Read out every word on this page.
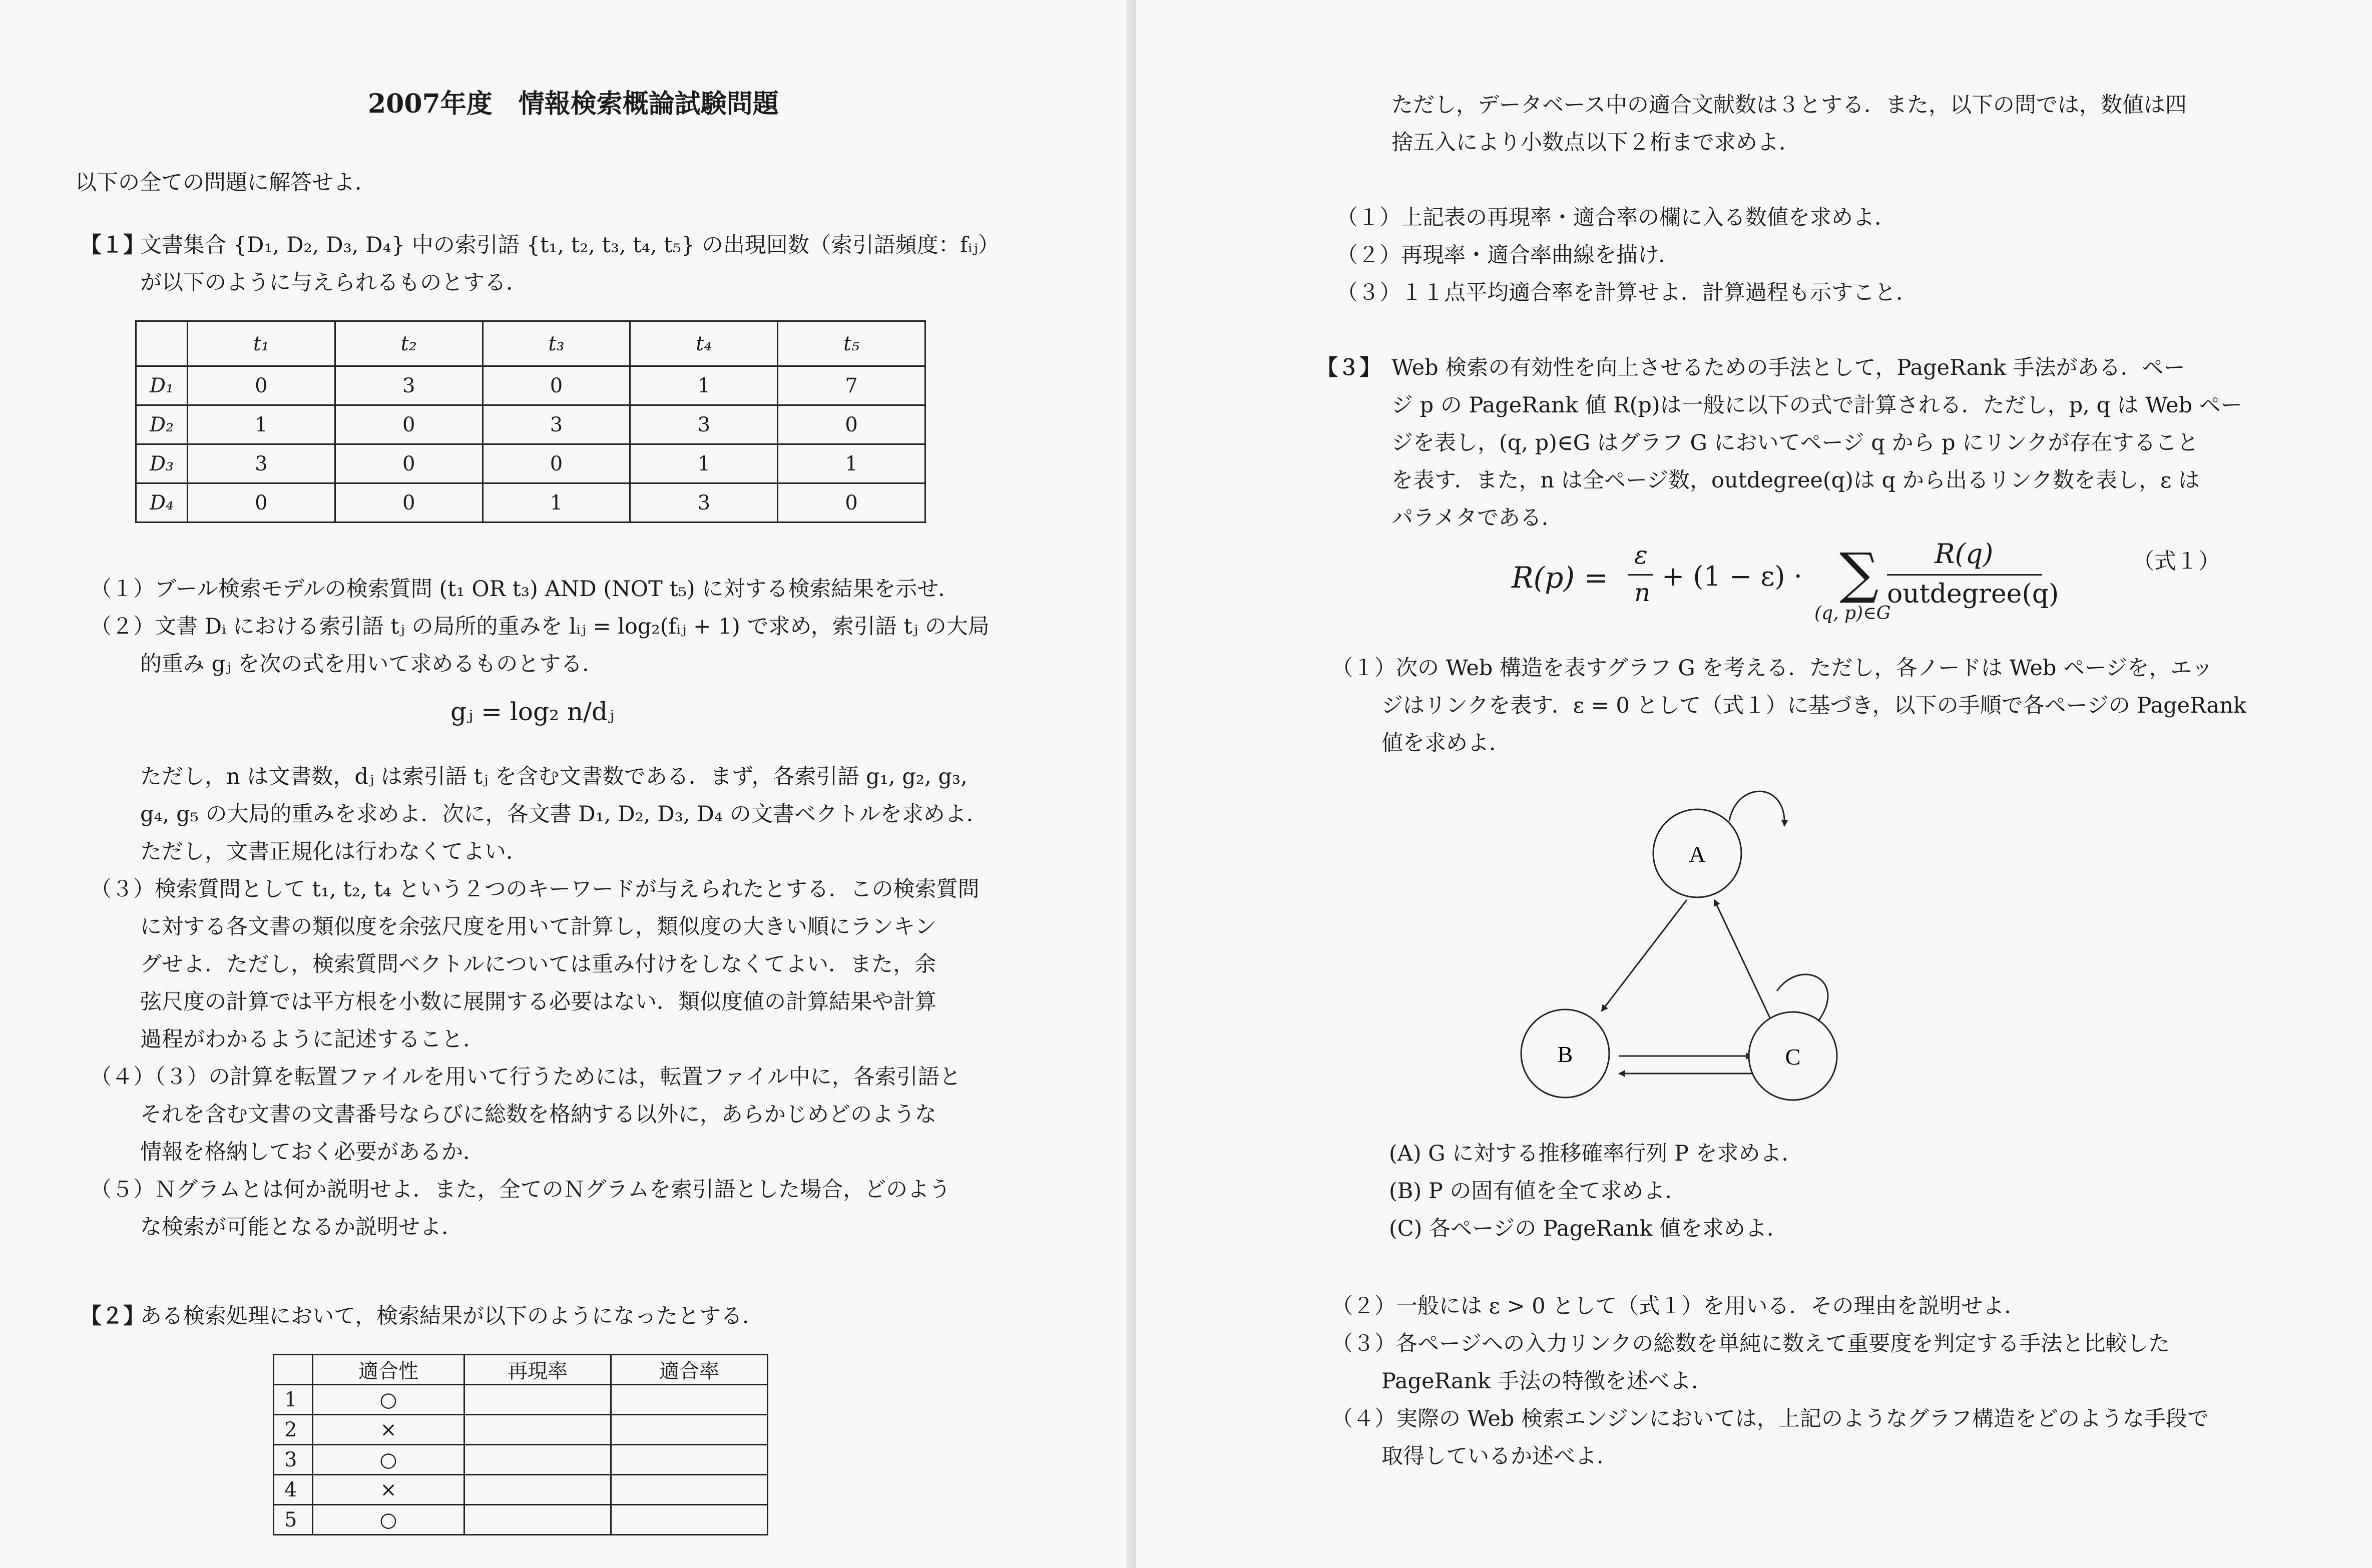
2007年度　情報検索概論試験問題
以下の全ての問題に解答せよ．
【１】
文書集合 {D₁, D₂, D₃, D₄} 中の索引語 {t₁, t₂, t₃, t₄, t₅} の出現回数（索引語頻度：fᵢⱼ）
が以下のように与えられるものとする．
	t₁	t₂	t₃	t₄	t₅
D₁	0	3	0	1	7
D₂	1	0	3	3	0
D₃	3	0	0	1	1
D₄	0	0	1	3	0
（１）ブール検索モデルの検索質問 (t₁ OR t₃) AND (NOT t₅) に対する検索結果を示せ．
（２）文書 Dᵢ における索引語 tⱼ の局所的重みを lᵢⱼ = log₂(fᵢⱼ + 1) で求め，索引語 tⱼ の大局
的重み gⱼ を次の式を用いて求めるものとする．
gⱼ = log₂ n/dⱼ
ただし，n は文書数，dⱼ は索引語 tⱼ を含む文書数である．まず，各索引語 g₁, g₂, g₃,
g₄, g₅ の大局的重みを求めよ．次に，各文書 D₁, D₂, D₃, D₄ の文書ベクトルを求めよ．
ただし，文書正規化は行わなくてよい．
（３）検索質問として t₁, t₂, t₄ という２つのキーワードが与えられたとする．この検索質問
に対する各文書の類似度を余弦尺度を用いて計算し，類似度の大きい順にランキン
グせよ．ただし，検索質問ベクトルについては重み付けをしなくてよい．また，余
弦尺度の計算では平方根を小数に展開する必要はない．類似度値の計算結果や計算
過程がわかるように記述すること．
（４）（３）の計算を転置ファイルを用いて行うためには，転置ファイル中に，各索引語と
それを含む文書の文書番号ならびに総数を格納する以外に，あらかじめどのような
情報を格納しておく必要があるか．
（５）Ｎグラムとは何か説明せよ．また，全てのＮグラムを索引語とした場合，どのよう
な検索が可能となるか説明せよ．
【２】
ある検索処理において，検索結果が以下のようになったとする．
	適合性	再現率	適合率
1	○		
2	×		
3	○		
4	×		
5	○		
ただし，データベース中の適合文献数は３とする．また，以下の問では，数値は四
捨五入により小数点以下２桁まで求めよ．
（１）上記表の再現率・適合率の欄に入る数値を求めよ．
（２）再現率・適合率曲線を描け．
（３）１１点平均適合率を計算せよ．計算過程も示すこと．
【３】 Web 検索の有効性を向上させるための手法として，PageRank 手法がある．ペー
ジ p の PageRank 値 R(p)は一般に以下の式で計算される．ただし，p, q は Web ペー
ジを表し，(q, p)∈G はグラフ G においてページ q から p にリンクが存在すること
を表す．また，n は全ページ数，outdegree(q)は q から出るリンク数を表し，ε は
パラメタである．
R(p) =
ε
n
+ (1 − ε) · ∑
(q, p)∈G
R(q)
outdegree(q)
（式１）
（１）次の Web 構造を表すグラフ G を考える．ただし，各ノードは Web ページを，エッ
ジはリンクを表す．ε = 0 として（式１）に基づき，以下の手順で各ページの PageRank
値を求めよ．
A
B	C
(A) G に対する推移確率行列 P を求めよ．
(B) P の固有値を全て求めよ．
(C) 各ページの PageRank 値を求めよ．
（２）一般には ε > 0 として（式１）を用いる．その理由を説明せよ．
（３）各ページへの入力リンクの総数を単純に数えて重要度を判定する手法と比較した
PageRank 手法の特徴を述べよ．
（４）実際の Web 検索エンジンにおいては，上記のようなグラフ構造をどのような手段で
取得しているか述べよ．
